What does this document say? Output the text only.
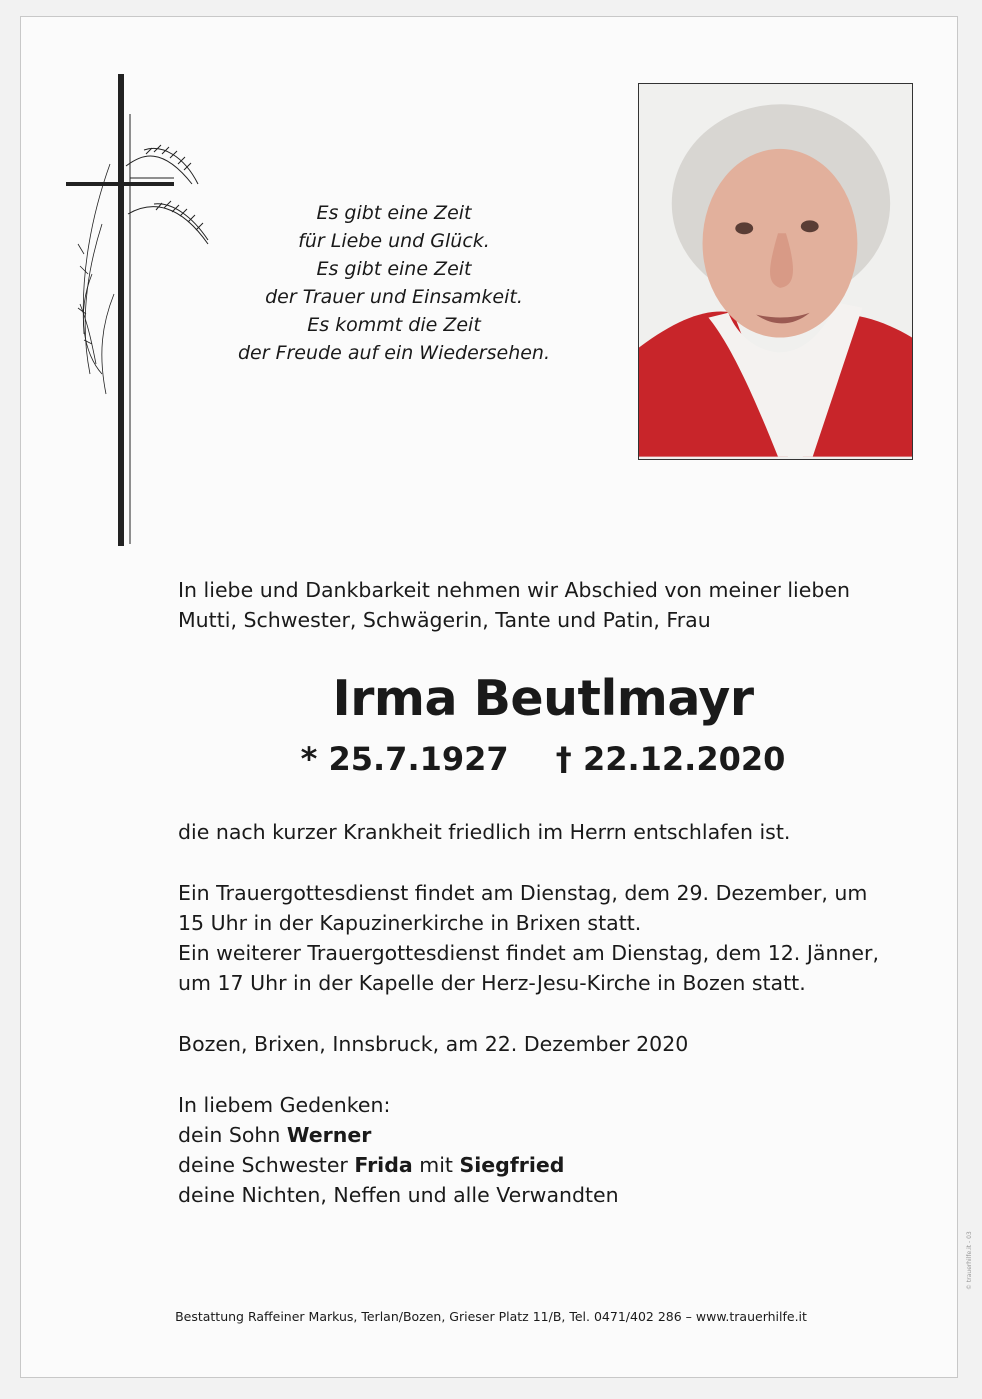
Es gibt eine Zeit
für Liebe und Glück.
Es gibt eine Zeit
der Trauer und Einsamkeit.
Es kommt die Zeit
der Freude auf ein Wiedersehen.

In liebe und Dankbarkeit nehmen wir Abschied von meiner lieben

Mutti, Schwester, Schwägerin, Tante und Patin, Frau

Irma Beutlmayr
* 25.7.1927 † 22.12.2020

die nach kurzer Krankheit friedlich im Herrn entschlafen ist.

Ein Trauergottesdienst findet am Dienstag, dem 29. Dezember, um

15 Uhr in der Kapuzinerkirche in Brixen statt.

Ein weiterer Trauergottesdienst findet am Dienstag, dem 12. Jänner,

um 17 Uhr in der Kapelle der Herz-Jesu-Kirche in Bozen statt.

Bozen, Brixen, Innsbruck, am 22. Dezember 2020

In liebem Gedenken:

dein Sohn Werner

deine Schwester Frida mit Siegfried

deine Nichten, Neffen und alle Verwandten

Bestattung Raffeiner Markus, Terlan/Bozen, Grieser Platz 11/B, Tel. 0471/402 286 – www.trauerhilfe.it
© trauerhilfe.it - 03
